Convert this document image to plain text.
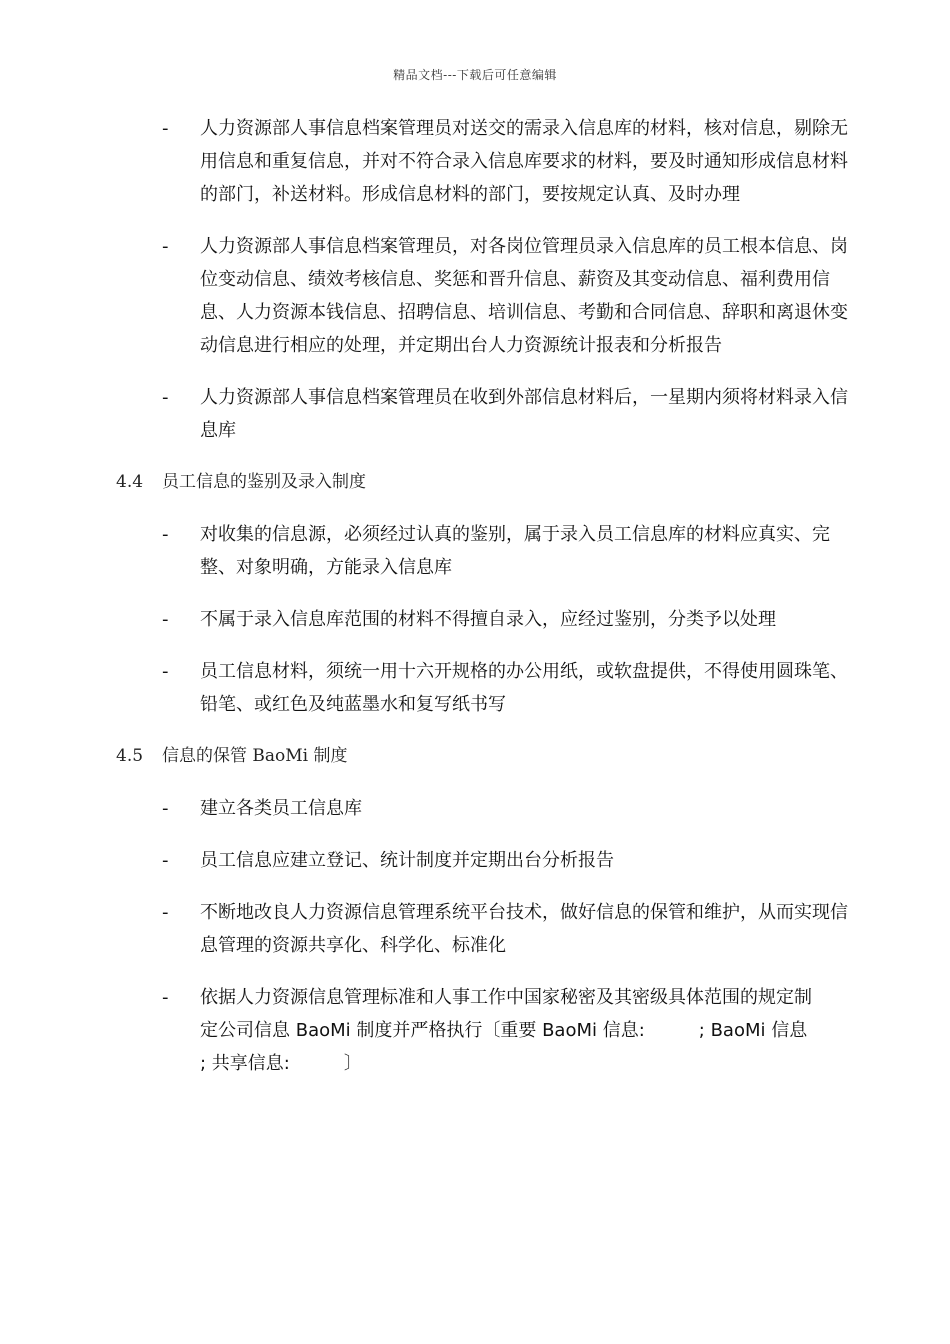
精品文档---下载后可任意编辑
- 人力资源部人事信息档案管理员对送交的需录入信息库的材料，核对信息，剔除无用信息和重复信息，并对不符合录入信息库要求的材料，要及时通知形成信息材料的部门，补送材料。形成信息材料的部门，要按规定认真、及时办理
- 人力资源部人事信息档案管理员，对各岗位管理员录入信息库的员工根本信息、岗位变动信息、绩效考核信息、奖惩和晋升信息、薪资及其变动信息、福利费用信息、人力资源本钱信息、招聘信息、培训信息、考勤和合同信息、辞职和离退休变动信息进行相应的处理，并定期出台人力资源统计报表和分析报告
- 人力资源部人事信息档案管理员在收到外部信息材料后，一星期内须将材料录入信息库
4.4 员工信息的鉴别及录入制度
- 对收集的信息源，必须经过认真的鉴别，属于录入员工信息库的材料应真实、完整、对象明确，方能录入信息库
- 不属于录入信息库范围的材料不得擅自录入，应经过鉴别，分类予以处理
- 员工信息材料，须统一用十六开规格的办公用纸，或软盘提供，不得使用圆珠笔、铅笔、或红色及纯蓝墨水和复写纸书写
4.5 信息的保管 BaoMi 制度
- 建立各类员工信息库
- 员工信息应建立登记、统计制度并定期出台分析报告
- 不断地改良人力资源信息管理系统平台技术，做好信息的保管和维护，从而实现信息管理的资源共享化、科学化、标准化
- 依据人力资源信息管理标准和人事工作中国家秘密及其密级具体范围的规定制
定公司信息 BaoMi 制度并严格执行〔重要 BaoMi 信息:　　　; BaoMi 信息
; 共享信息:　　　〕
